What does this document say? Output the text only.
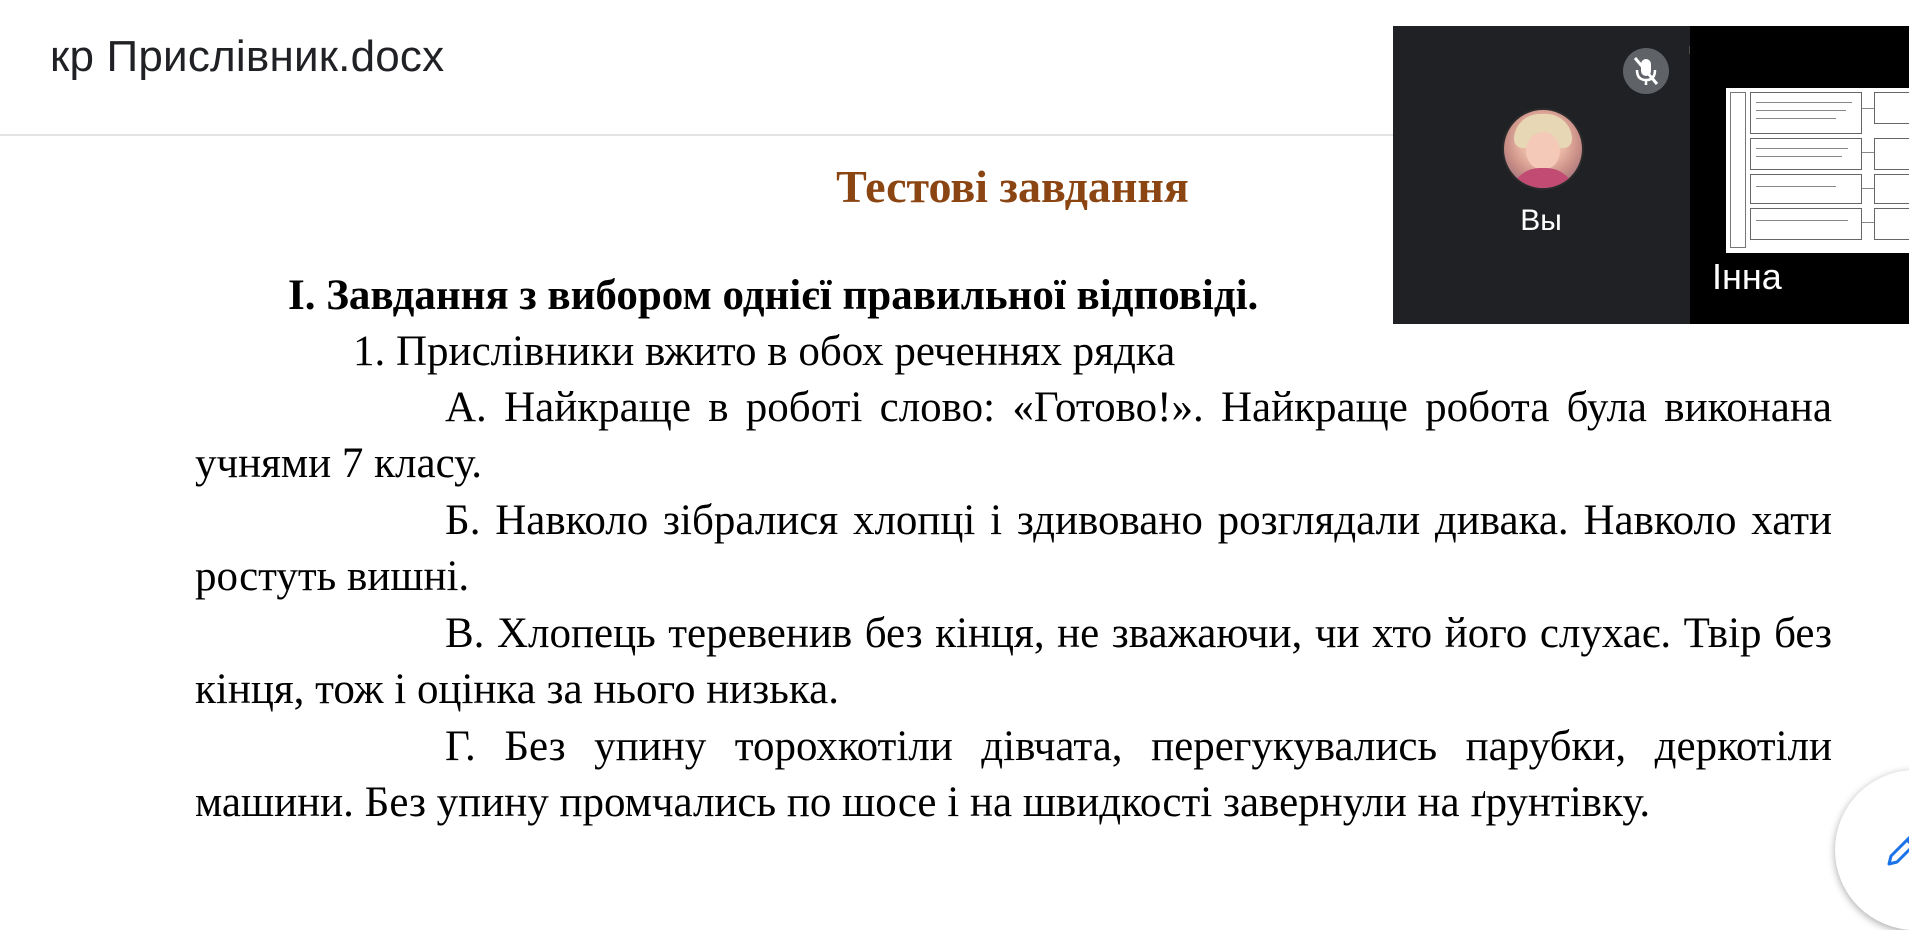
кр Прислівник.docx
Тестові завдання
І. Завдання з вибором однієї правильної відповіді.
1. Прислівники вжито в обох реченнях рядка

А. Найкраще в роботі слово: «Готово!». Найкраще робота була виконана учнями 7 класу.

Б. Навколо зібралися хлопці і здивовано розглядали дивака. Навколо хати ростуть вишні.

В. Хлопець теревенив без кінця, не зважаючи, чи хто його слухає. Твір без кінця, тож і оцінка за нього низька.

Г. Без упину торохкотіли дівчата, перегукувались парубки, деркотіли машини. Без упину промчались по шосе і на швидкості завернули на ґрунтівку.

Вы
Інна
